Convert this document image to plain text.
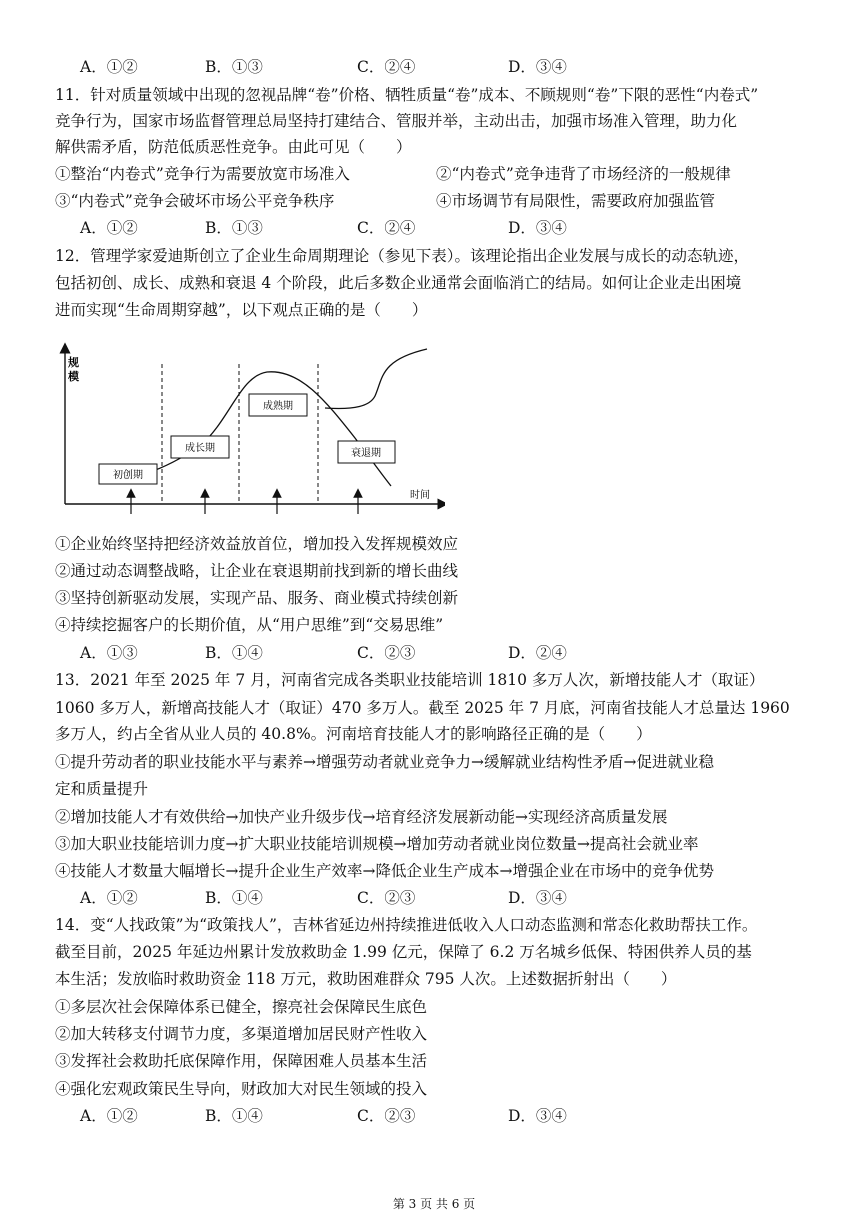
A．①②	B．①③	C．②④	D．③④
11．针对质量领域中出现的忽视品牌“卷”价格、牺牲质量“卷”成本、不顾规则“卷”下限的恶性“内卷式”
竞争行为，国家市场监督管理总局坚持打建结合、管服并举，主动出击，加强市场准入管理，助力化
解供需矛盾，防范低质恶性竞争。由此可见（　　）
①整治“内卷式”竞争行为需要放宽市场准入	②“内卷式”竞争违背了市场经济的一般规律
③“内卷式”竞争会破坏市场公平竞争秩序	④市场调节有局限性，需要政府加强监管
A．①②	B．①③	C．②④	D．③④
12．管理学家爱迪斯创立了企业生命周期理论（参见下表）。该理论指出企业发展与成长的动态轨迹，
包括初创、成长、成熟和衰退 4 个阶段，此后多数企业通常会面临消亡的结局。如何让企业走出困境
进而实现“生命周期穿越”，以下观点正确的是（　　）
规 模
时间
初创期
成长期
成熟期
衰退期
①企业始终坚持把经济效益放首位，增加投入发挥规模效应
②通过动态调整战略，让企业在衰退期前找到新的增长曲线
③坚持创新驱动发展，实现产品、服务、商业模式持续创新
④持续挖掘客户的长期价值，从“用户思维”到“交易思维”
A．①③	B．①④	C．②③	D．②④
13．2021 年至 2025 年 7 月，河南省完成各类职业技能培训 1810 多万人次，新增技能人才（取证）
1060 多万人，新增高技能人才（取证）470 多万人。截至 2025 年 7 月底，河南省技能人才总量达 1960
多万人，约占全省从业人员的 40.8%。河南培育技能人才的影响路径正确的是（　　）
①提升劳动者的职业技能水平与素养→增强劳动者就业竞争力→缓解就业结构性矛盾→促进就业稳
定和质量提升
②增加技能人才有效供给→加快产业升级步伐→培育经济发展新动能→实现经济高质量发展
③加大职业技能培训力度→扩大职业技能培训规模→增加劳动者就业岗位数量→提高社会就业率
④技能人才数量大幅增长→提升企业生产效率→降低企业生产成本→增强企业在市场中的竞争优势
A．①②	B．①④	C．②③	D．③④
14．变“人找政策”为“政策找人”，吉林省延边州持续推进低收入人口动态监测和常态化救助帮扶工作。
截至目前，2025 年延边州累计发放救助金 1.99 亿元，保障了 6.2 万名城乡低保、特困供养人员的基
本生活；发放临时救助资金 118 万元，救助困难群众 795 人次。上述数据折射出（　　）
①多层次社会保障体系已健全，擦亮社会保障民生底色
②加大转移支付调节力度，多渠道增加居民财产性收入
③发挥社会救助托底保障作用，保障困难人员基本生活
④强化宏观政策民生导向，财政加大对民生领域的投入
A．①②	B．①④	C．②③	D．③④
第 3 页 共 6 页
